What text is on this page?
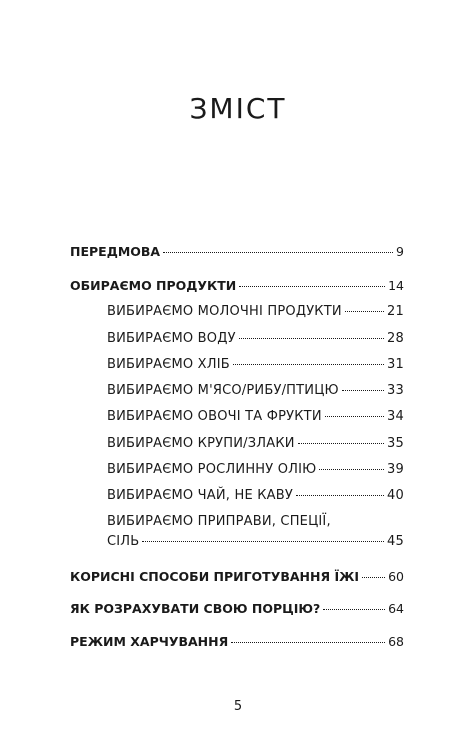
ЗМІСТ
ПЕРЕДМОВА	9
ОБИРАЄМО ПРОДУКТИ	14
ВИБИРАЄМО МОЛОЧНІ ПРОДУКТИ	21
ВИБИРАЄМО ВОДУ	28
ВИБИРАЄМО ХЛІБ	31
ВИБИРАЄМО М'ЯСО/РИБУ/ПТИЦЮ	33
ВИБИРАЄМО ОВОЧІ ТА ФРУКТИ	34
ВИБИРАЄМО КРУПИ/ЗЛАКИ	35
ВИБИРАЄМО РОСЛИННУ ОЛІЮ	39
ВИБИРАЄМО ЧАЙ, НЕ КАВУ	40
ВИБИРАЄМО ПРИПРАВИ, СПЕЦІЇ,
СІЛЬ	45
КОРИСНІ СПОСОБИ ПРИГОТУВАННЯ ЇЖІ 60
ЯК РОЗРАХУВАТИ СВОЮ ПОРЦІЮ?	64
РЕЖИМ ХАРЧУВАННЯ	68
5
